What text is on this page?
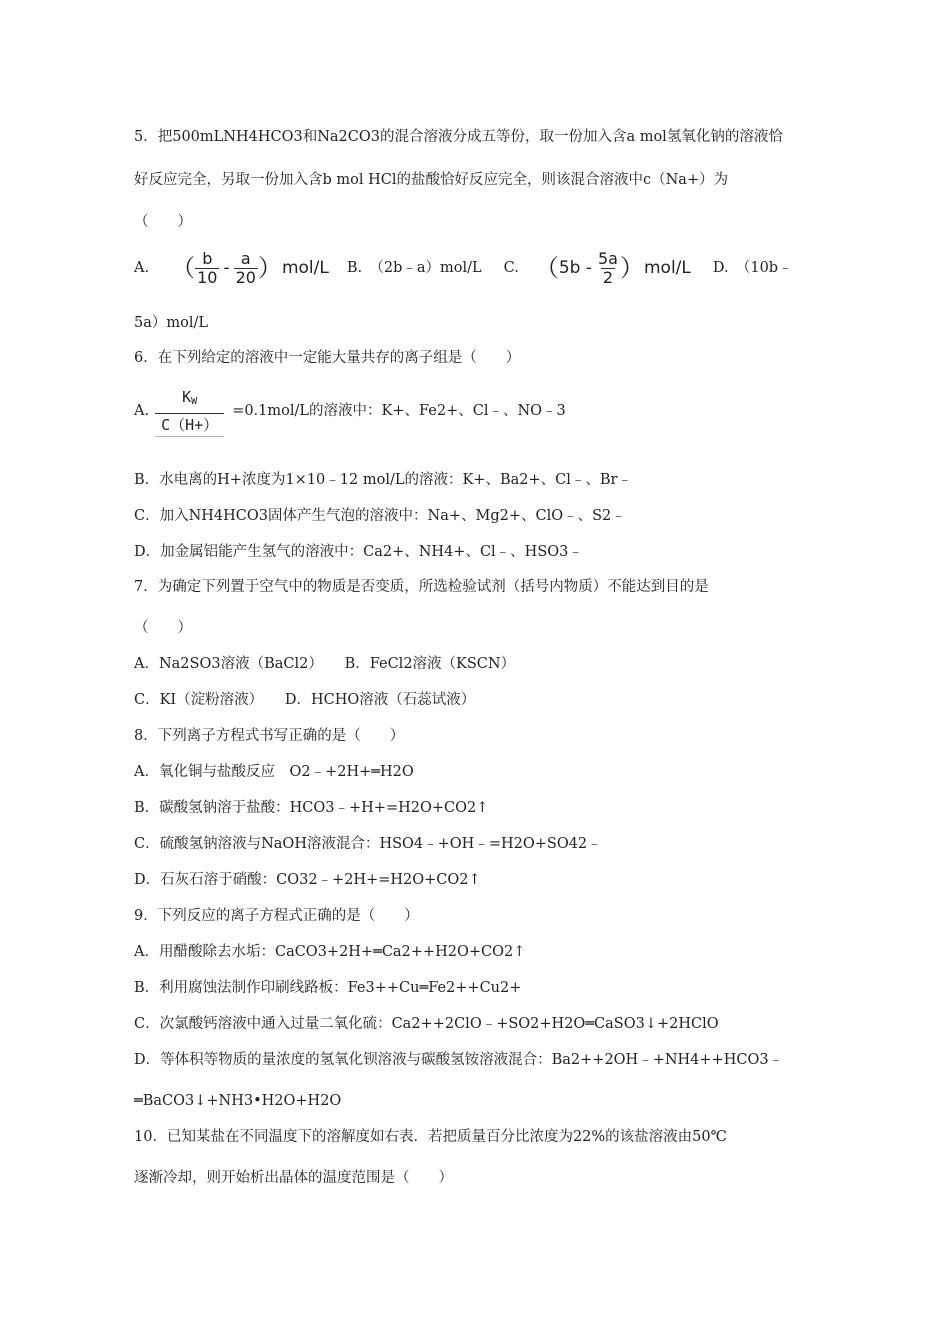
5．把500mLNH4HCO3和Na2CO3的混合溶液分成五等份，取一份加入含a mol氢氧化钠的溶液恰
好反应完全，另取一份加入含b mol HCl的盐酸恰好反应完全，则该混合溶液中c（Na+）为
（　　）
A. （ $\frac{b}{10} - \frac{a}{20}$ ） mol/L B.　（2b﹣a）mol/L C. （ $5b - \frac{5a}{2}$ ） mol/L D.　（10b﹣
5a）mol/L
6．在下列给定的溶液中一定能大量共存的离子组是（　　）
A. $\frac{K_W}{C(H+)} =0.1mol/L$的溶液中：K+、Fe2+、Cl﹣、NO﹣3
B．水电离的H+浓度为1×10﹣12 mol/L的溶液：K+、Ba2+、Cl﹣、Br﹣
C．加入NH4HCO3固体产生气泡的溶液中：Na+、Mg2+、ClO﹣、S2﹣
D．加金属铝能产生氢气的溶液中：Ca2+、NH4+、Cl﹣、HSO3﹣
7．为确定下列置于空气中的物质是否变质，所选检验试剂（括号内物质）不能达到目的是
（　　）
A．Na2SO3溶液（BaCl2）　　B．FeCl2溶液（KSCN）
C．KI（淀粉溶液）　　D．HCHO溶液（石蕊试液）
8．下列离子方程式书写正确的是（　　）
A．氧化铜与盐酸反应　O2﹣+2H+═H2O
B．碳酸氢钠溶于盐酸：HCO3﹣+H+=H2O+CO2↑
C．硫酸氢钠溶液与NaOH溶液混合：HSO4﹣+OH﹣=H2O+SO42﹣
D．石灰石溶于硝酸：CO32﹣+2H+=H2O+CO2↑
9．下列反应的离子方程式正确的是（　　）
A．用醋酸除去水垢：CaCO3+2H+═Ca2++H2O+CO2↑
B．利用腐蚀法制作印刷线路板：Fe3++Cu═Fe2++Cu2+
C．次氯酸钙溶液中通入过量二氧化硫：Ca2++2ClO﹣+SO2+H2O═CaSO3↓+2HClO
D．等体积等物质的量浓度的氢氧化钡溶液与碳酸氢铵溶液混合：Ba2++2OH﹣+NH4++HCO3﹣
═BaCO3↓+NH3•H2O+H2O
10．已知某盐在不同温度下的溶解度如右表．若把质量百分比浓度为22%的该盐溶液由50℃
逐渐冷却，则开始析出晶体的温度范围是（　　）
